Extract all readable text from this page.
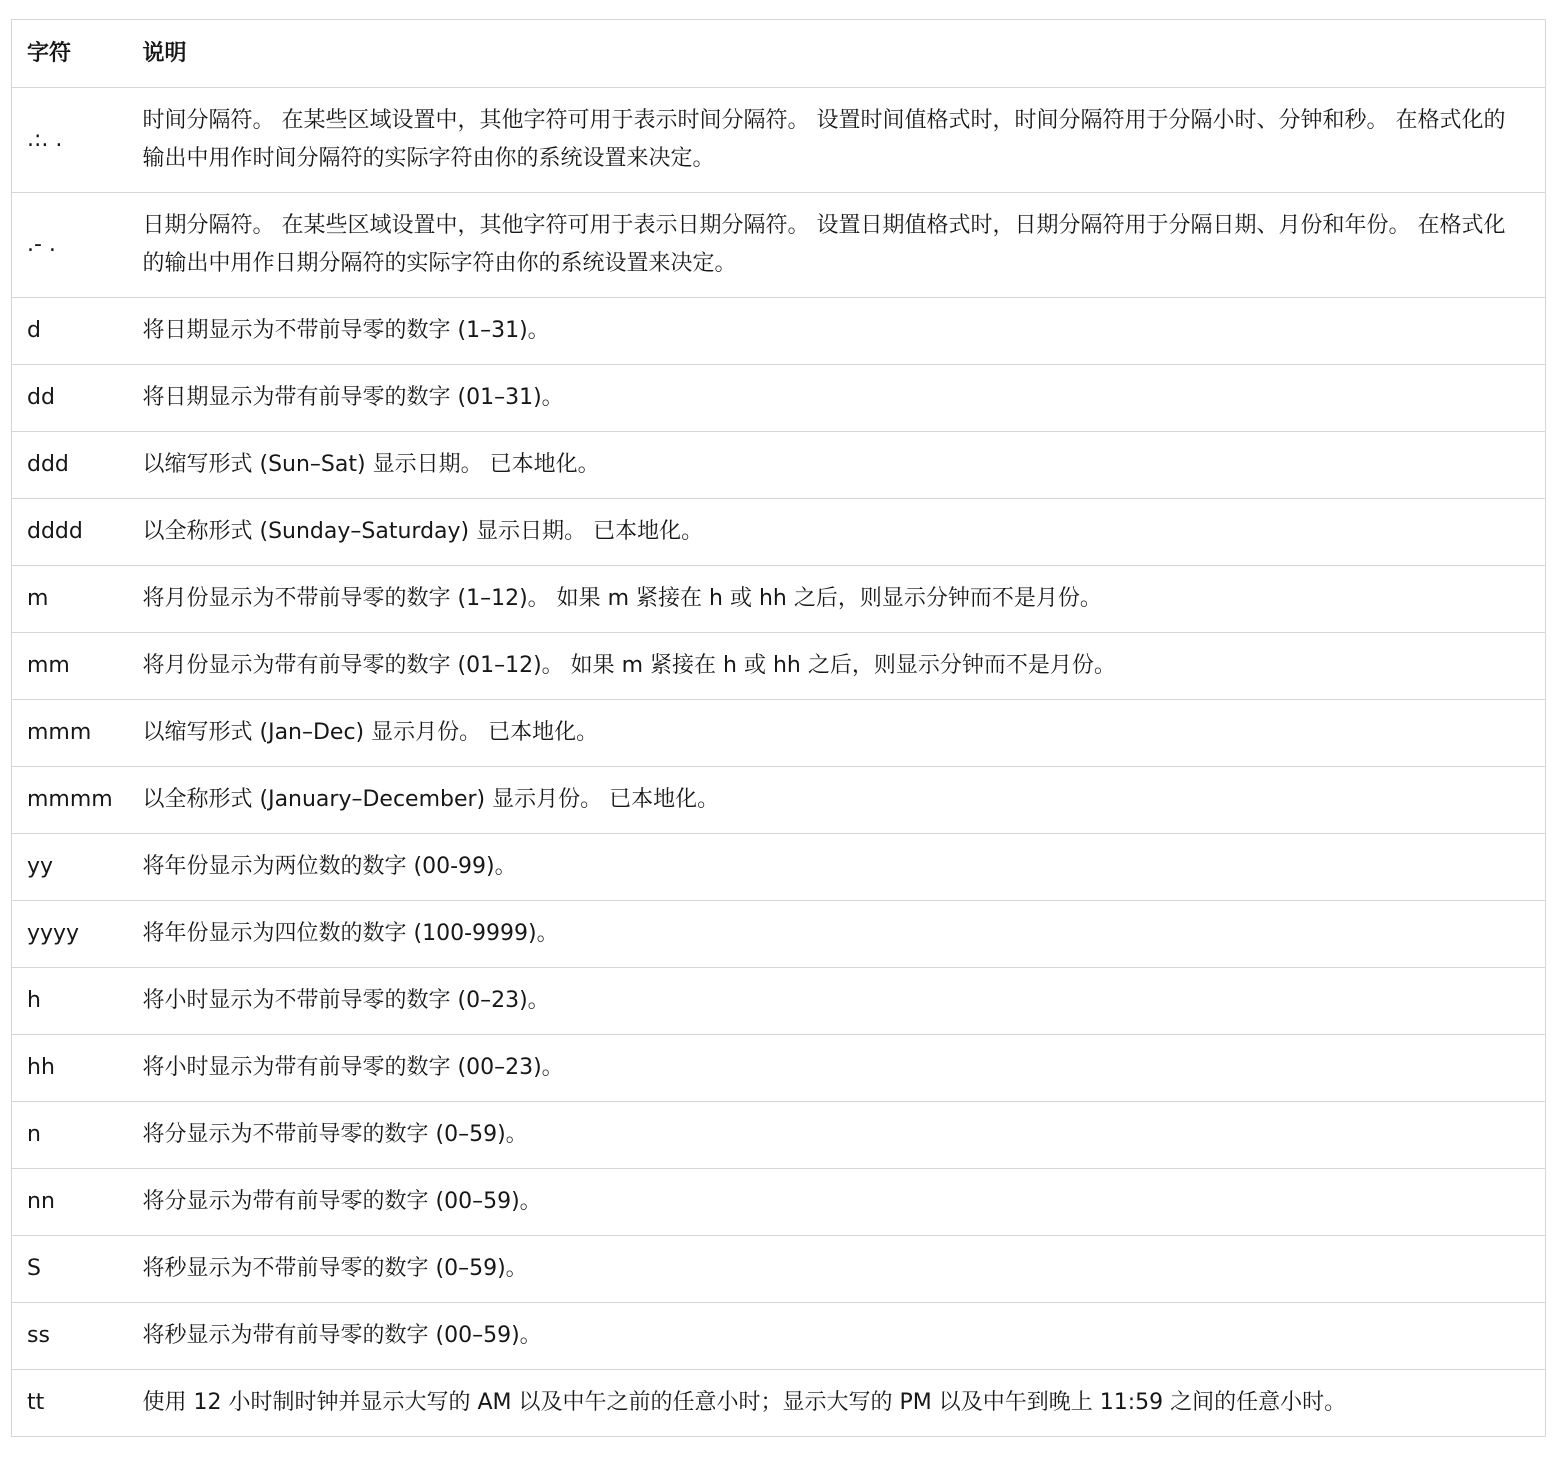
字符	说明
.:. .	时间分隔符。 在某些区域设置中，其他字符可用于表示时间分隔符。 设置时间值格式时，时间分隔符用于分隔小时、分钟和秒。 在格式化的输出中用作时间分隔符的实际字符由你的系统设置来决定。
.- .	日期分隔符。 在某些区域设置中，其他字符可用于表示日期分隔符。 设置日期值格式时，日期分隔符用于分隔日期、月份和年份。 在格式化的输出中用作日期分隔符的实际字符由你的系统设置来决定。
d	将日期显示为不带前导零的数字 (1–31)。
dd	将日期显示为带有前导零的数字 (01–31)。
ddd	以缩写形式 (Sun–Sat) 显示日期。 已本地化。
dddd	以全称形式 (Sunday–Saturday) 显示日期。 已本地化。
m	将月份显示为不带前导零的数字 (1–12)。 如果 m 紧接在 h 或 hh 之后，则显示分钟而不是月份。
mm	将月份显示为带有前导零的数字 (01–12)。 如果 m 紧接在 h 或 hh 之后，则显示分钟而不是月份。
mmm	以缩写形式 (Jan–Dec) 显示月份。 已本地化。
mmmm	以全称形式 (January–December) 显示月份。 已本地化。
yy	将年份显示为两位数的数字 (00-99)。
yyyy	将年份显示为四位数的数字 (100-9999)。
h	将小时显示为不带前导零的数字 (0–23)。
hh	将小时显示为带有前导零的数字 (00–23)。
n	将分显示为不带前导零的数字 (0–59)。
nn	将分显示为带有前导零的数字 (00–59)。
S	将秒显示为不带前导零的数字 (0–59)。
ss	将秒显示为带有前导零的数字 (00–59)。
tt	使用 12 小时制时钟并显示大写的 AM 以及中午之前的任意小时；显示大写的 PM 以及中午到晚上 11:59 之间的任意小时。
